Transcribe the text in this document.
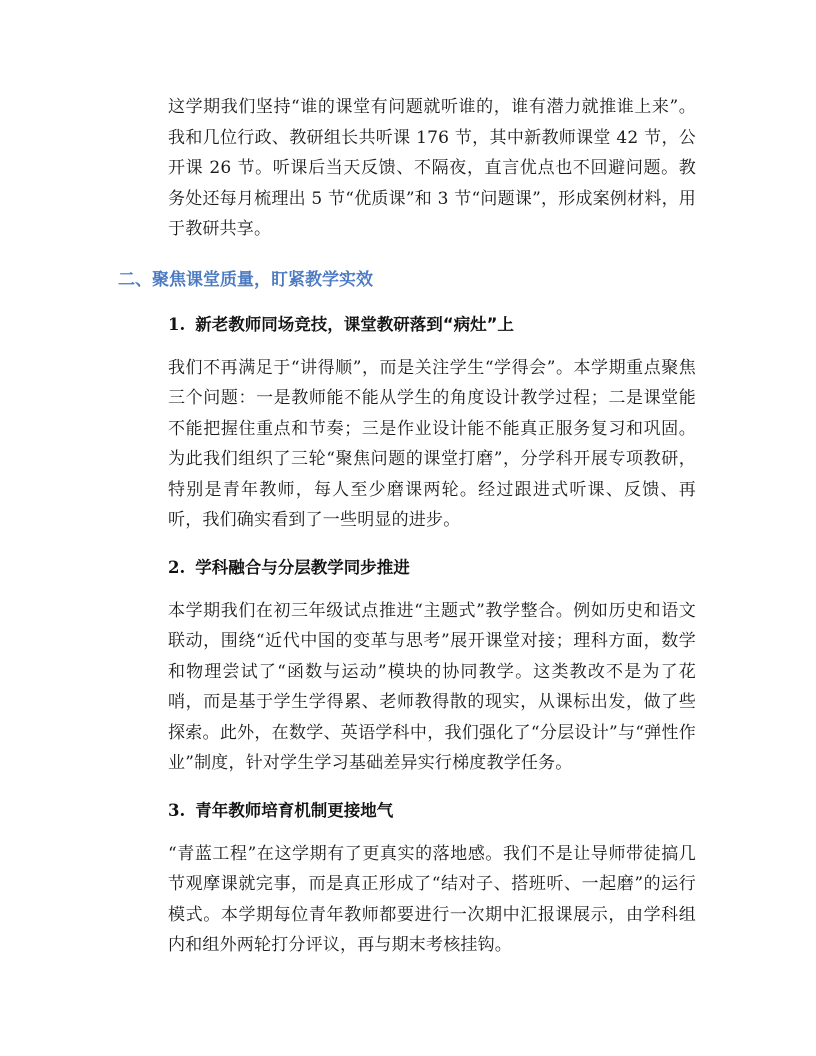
这学期我们坚持“谁的课堂有问题就听谁的，谁有潜力就推谁上来”。我和几位行政、教研组长共听课 176 节，其中新教师课堂 42 节，公开课 26 节。听课后当天反馈、不隔夜，直言优点也不回避问题。教务处还每月梳理出 5 节“优质课”和 3 节“问题课”，形成案例材料，用于教研共享。

二、聚焦课堂质量，盯紧教学实效
1. 新老教师同场竞技，课堂教研落到“病灶”上

我们不再满足于“讲得顺”，而是关注学生“学得会”。本学期重点聚焦三个问题：一是教师能不能从学生的角度设计教学过程；二是课堂能不能把握住重点和节奏；三是作业设计能不能真正服务复习和巩固。为此我们组织了三轮“聚焦问题的课堂打磨”，分学科开展专项教研，特别是青年教师，每人至少磨课两轮。经过跟进式听课、反馈、再听，我们确实看到了一些明显的进步。

2. 学科融合与分层教学同步推进

本学期我们在初三年级试点推进“主题式”教学整合。例如历史和语文联动，围绕“近代中国的变革与思考”展开课堂对接；理科方面，数学和物理尝试了“函数与运动”模块的协同教学。这类教改不是为了花哨，而是基于学生学得累、老师教得散的现实，从课标出发，做了些探索。此外，在数学、英语学科中，我们强化了“分层设计”与“弹性作业”制度，针对学生学习基础差异实行梯度教学任务。

3. 青年教师培育机制更接地气

“青蓝工程”在这学期有了更真实的落地感。我们不是让导师带徒搞几节观摩课就完事，而是真正形成了“结对子、搭班听、一起磨”的运行模式。本学期每位青年教师都要进行一次期中汇报课展示，由学科组内和组外两轮打分评议，再与期末考核挂钩。
